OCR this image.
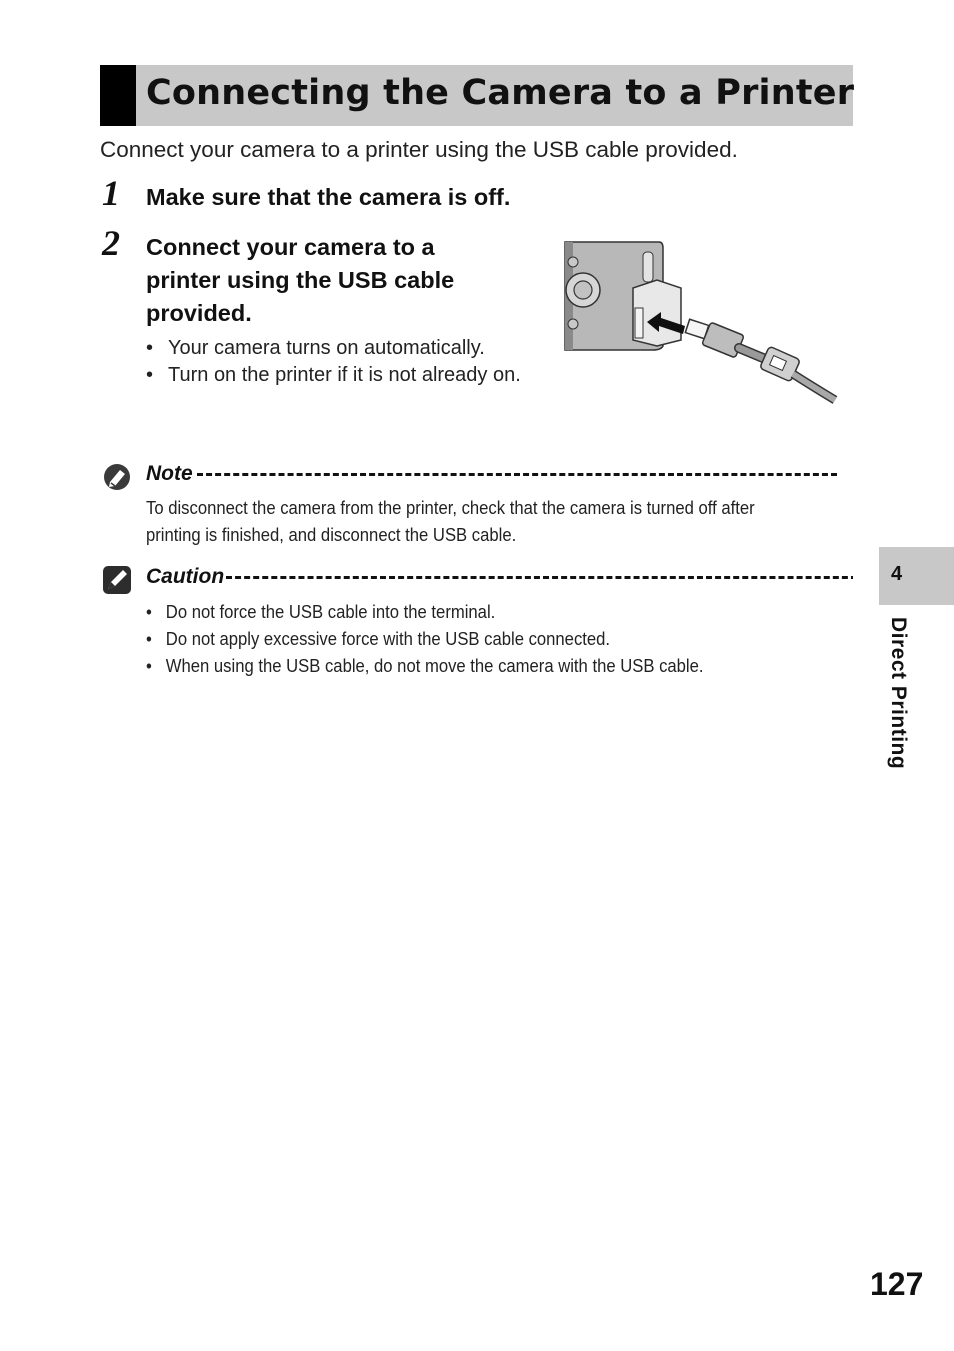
Connecting the Camera to a Printer
Connect your camera to a printer using the USB cable provided.
1 Make sure that the camera is off.
2 Connect your camera to a
printer using the USB cable
provided.
• Your camera turns on automatically.
• Turn on the printer if it is not already on.
Note
To disconnect the camera from the printer, check that the camera is turned off after
printing is finished, and disconnect the USB cable.
Caution
• Do not force the USB cable into the terminal.
• Do not apply excessive force with the USB cable connected.
• When using the USB cable, do not move the camera with the USB cable.
4
Direct Printing
127
